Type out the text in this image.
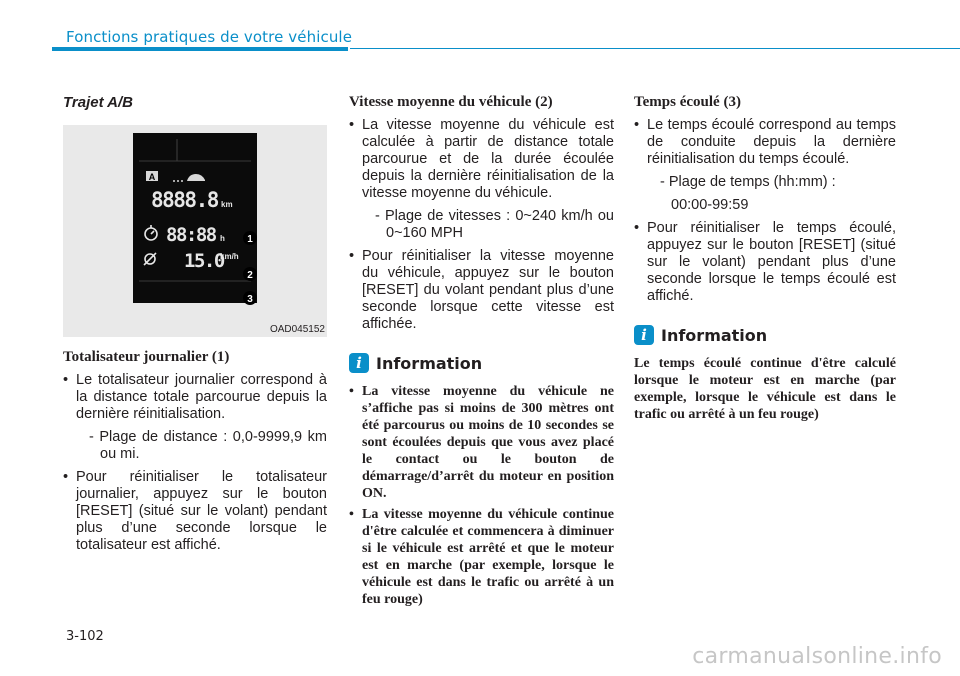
Fonctions pratiques de votre véhicule
Trajet A/B
A
8888.8 km
88:88 h
15.0
km/h
1
2
3
OAD045152
Totalisateur journalier (1)
• Le totalisateur journalier correspond à la distance totale parcourue depuis la dernière réinitialisation.
- Plage de distance : 0,0-9999,9 km ou mi.
• Pour réinitialiser le totalisateur journalier, appuyez sur le bouton [RESET] (situé sur le volant) pendant plus d’une seconde lorsque le totalisateur est affiché.
Vitesse moyenne du véhicule (2)
• La vitesse moyenne du véhicule est calculée à partir de distance totale parcourue et de la durée écoulée depuis la dernière réinitialisation de la vitesse moyenne du véhicule.
- Plage de vitesses : 0~240 km/h ou 0~160 MPH
• Pour réinitialiser la vitesse moyenne du véhicule, appuyez sur le bouton [RESET] du volant pendant plus d’une seconde lorsque cette vitesse est affichée.
i Information
• La vitesse moyenne du véhicule ne s’affiche pas si moins de 300 mètres ont été parcourus ou moins de 10 secondes se sont écoulées depuis que vous avez placé le contact ou le bouton de démarrage/d’arrêt du moteur en position ON.
• La vitesse moyenne du véhicule continue d'être calculée et commencera à diminuer si le véhicule est arrêté et que le moteur est en marche (par exemple, lorsque le véhicule est dans le trafic ou arrêté à un feu rouge)
Temps écoulé (3)
• Le temps écoulé correspond au temps de conduite depuis la dernière réinitialisation du temps écoulé.
- Plage de temps (hh:mm) :
00:00-99:59
• Pour réinitialiser le temps écoulé, appuyez sur le bouton [RESET] (situé sur le volant) pendant plus d’une seconde lorsque le temps écoulé est affiché.
i Information
Le temps écoulé continue d'être calculé lorsque le moteur est en marche (par exemple, lorsque le véhicule est dans le trafic ou arrêté à un feu rouge)
3-102
carmanualsonline.info
